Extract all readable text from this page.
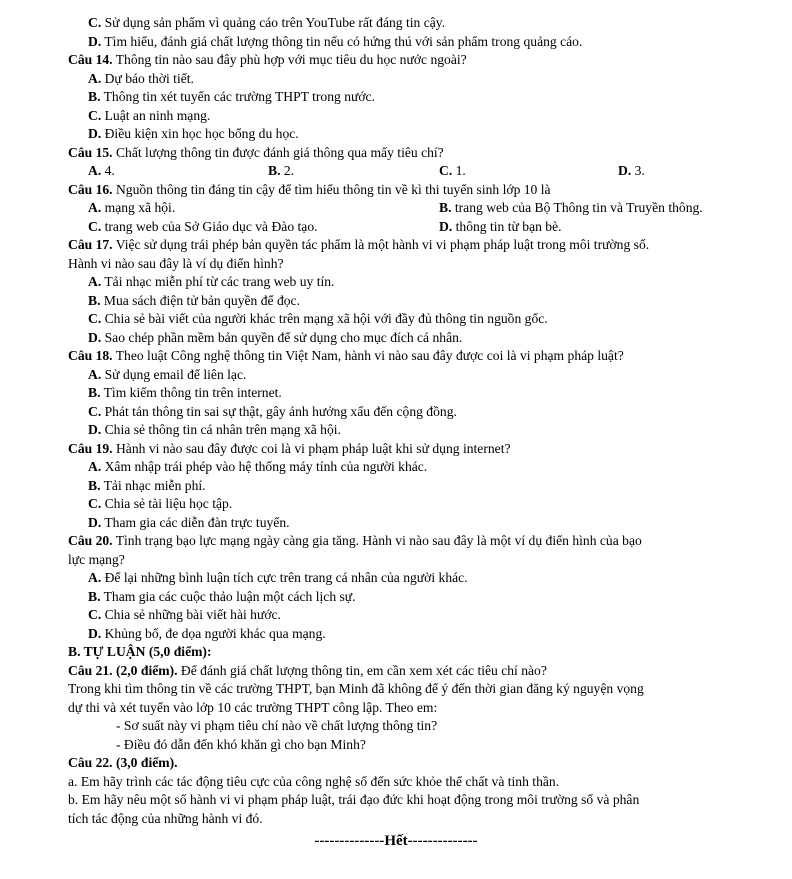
C. Sử dụng sản phẩm vì quảng cáo trên YouTube rất đáng tin cậy.
D. Tìm hiểu, đánh giá chất lượng thông tin nếu có hứng thú với sản phẩm trong quảng cáo.
Câu 14. Thông tin nào sau đây phù hợp với mục tiêu du học nước ngoài?
A. Dự báo thời tiết.
B. Thông tin xét tuyển các trường THPT trong nước.
C. Luật an ninh mạng.
D. Điều kiện xin học học bổng du học.
Câu 15. Chất lượng thông tin được đánh giá thông qua mấy tiêu chí?
A. 4.	B. 2.	C. 1.	D. 3.
Câu 16. Nguồn thông tin đáng tin cậy để tìm hiểu thông tin về kì thi tuyển sinh lớp 10 là
A. mạng xã hội.	B. trang web của Bộ Thông tin và Truyền thông.
C. trang web của Sở Giáo dục và Đào tạo.	D. thông tin từ bạn bè.
Câu 17. Việc sử dụng trái phép bản quyền tác phẩm là một hành vi vi phạm pháp luật trong môi trường số.
Hành vi nào sau đây là ví dụ điển hình?
A. Tải nhạc miễn phí từ các trang web uy tín.
B. Mua sách điện tử bản quyền để đọc.
C. Chia sẻ bài viết của người khác trên mạng xã hội với đầy đủ thông tin nguồn gốc.
D. Sao chép phần mềm bản quyền để sử dụng cho mục đích cá nhân.
Câu 18. Theo luật Công nghệ thông tin Việt Nam, hành vi nào sau đây được coi là vi phạm pháp luật?
A. Sử dụng email để liên lạc.
B. Tìm kiếm thông tin trên internet.
C. Phát tán thông tin sai sự thật, gây ảnh hưởng xấu đến cộng đồng.
D. Chia sẻ thông tin cá nhân trên mạng xã hội.
Câu 19. Hành vi nào sau đây được coi là vi phạm pháp luật khi sử dụng internet?
A. Xâm nhập trái phép vào hệ thống máy tính của người khác.
B. Tải nhạc miễn phí.
C. Chia sẻ tài liệu học tập.
D. Tham gia các diễn đàn trực tuyến.
Câu 20. Tình trạng bạo lực mạng ngày càng gia tăng. Hành vi nào sau đây là một ví dụ điển hình của bạo
lực mạng?
A. Để lại những bình luận tích cực trên trang cá nhân của người khác.
B. Tham gia các cuộc thảo luận một cách lịch sự.
C. Chia sẻ những bài viết hài hước.
D. Khủng bố, đe dọa người khác qua mạng.
B. TỰ LUẬN (5,0 điểm):
Câu 21. (2,0 điểm). Để đánh giá chất lượng thông tin, em cần xem xét các tiêu chí nào?
Trong khi tìm thông tin về các trường THPT, bạn Minh đã không để ý đến thời gian đăng ký nguyện vọng
dự thi và xét tuyển vào lớp 10 các trường THPT công lập. Theo em:
- Sơ suất này vi phạm tiêu chí nào về chất lượng thông tin?
- Điều đó dẫn đến khó khăn gì cho bạn Minh?
Câu 22. (3,0 điểm).
a. Em hãy trình các tác động tiêu cực của công nghệ số đến sức khỏe thể chất và tinh thần.
b. Em hãy nêu một số hành vi vi phạm pháp luật, trái đạo đức khi hoạt động trong môi trường số và phân
tích tác động của những hành vi đó.
--------------Hết--------------
